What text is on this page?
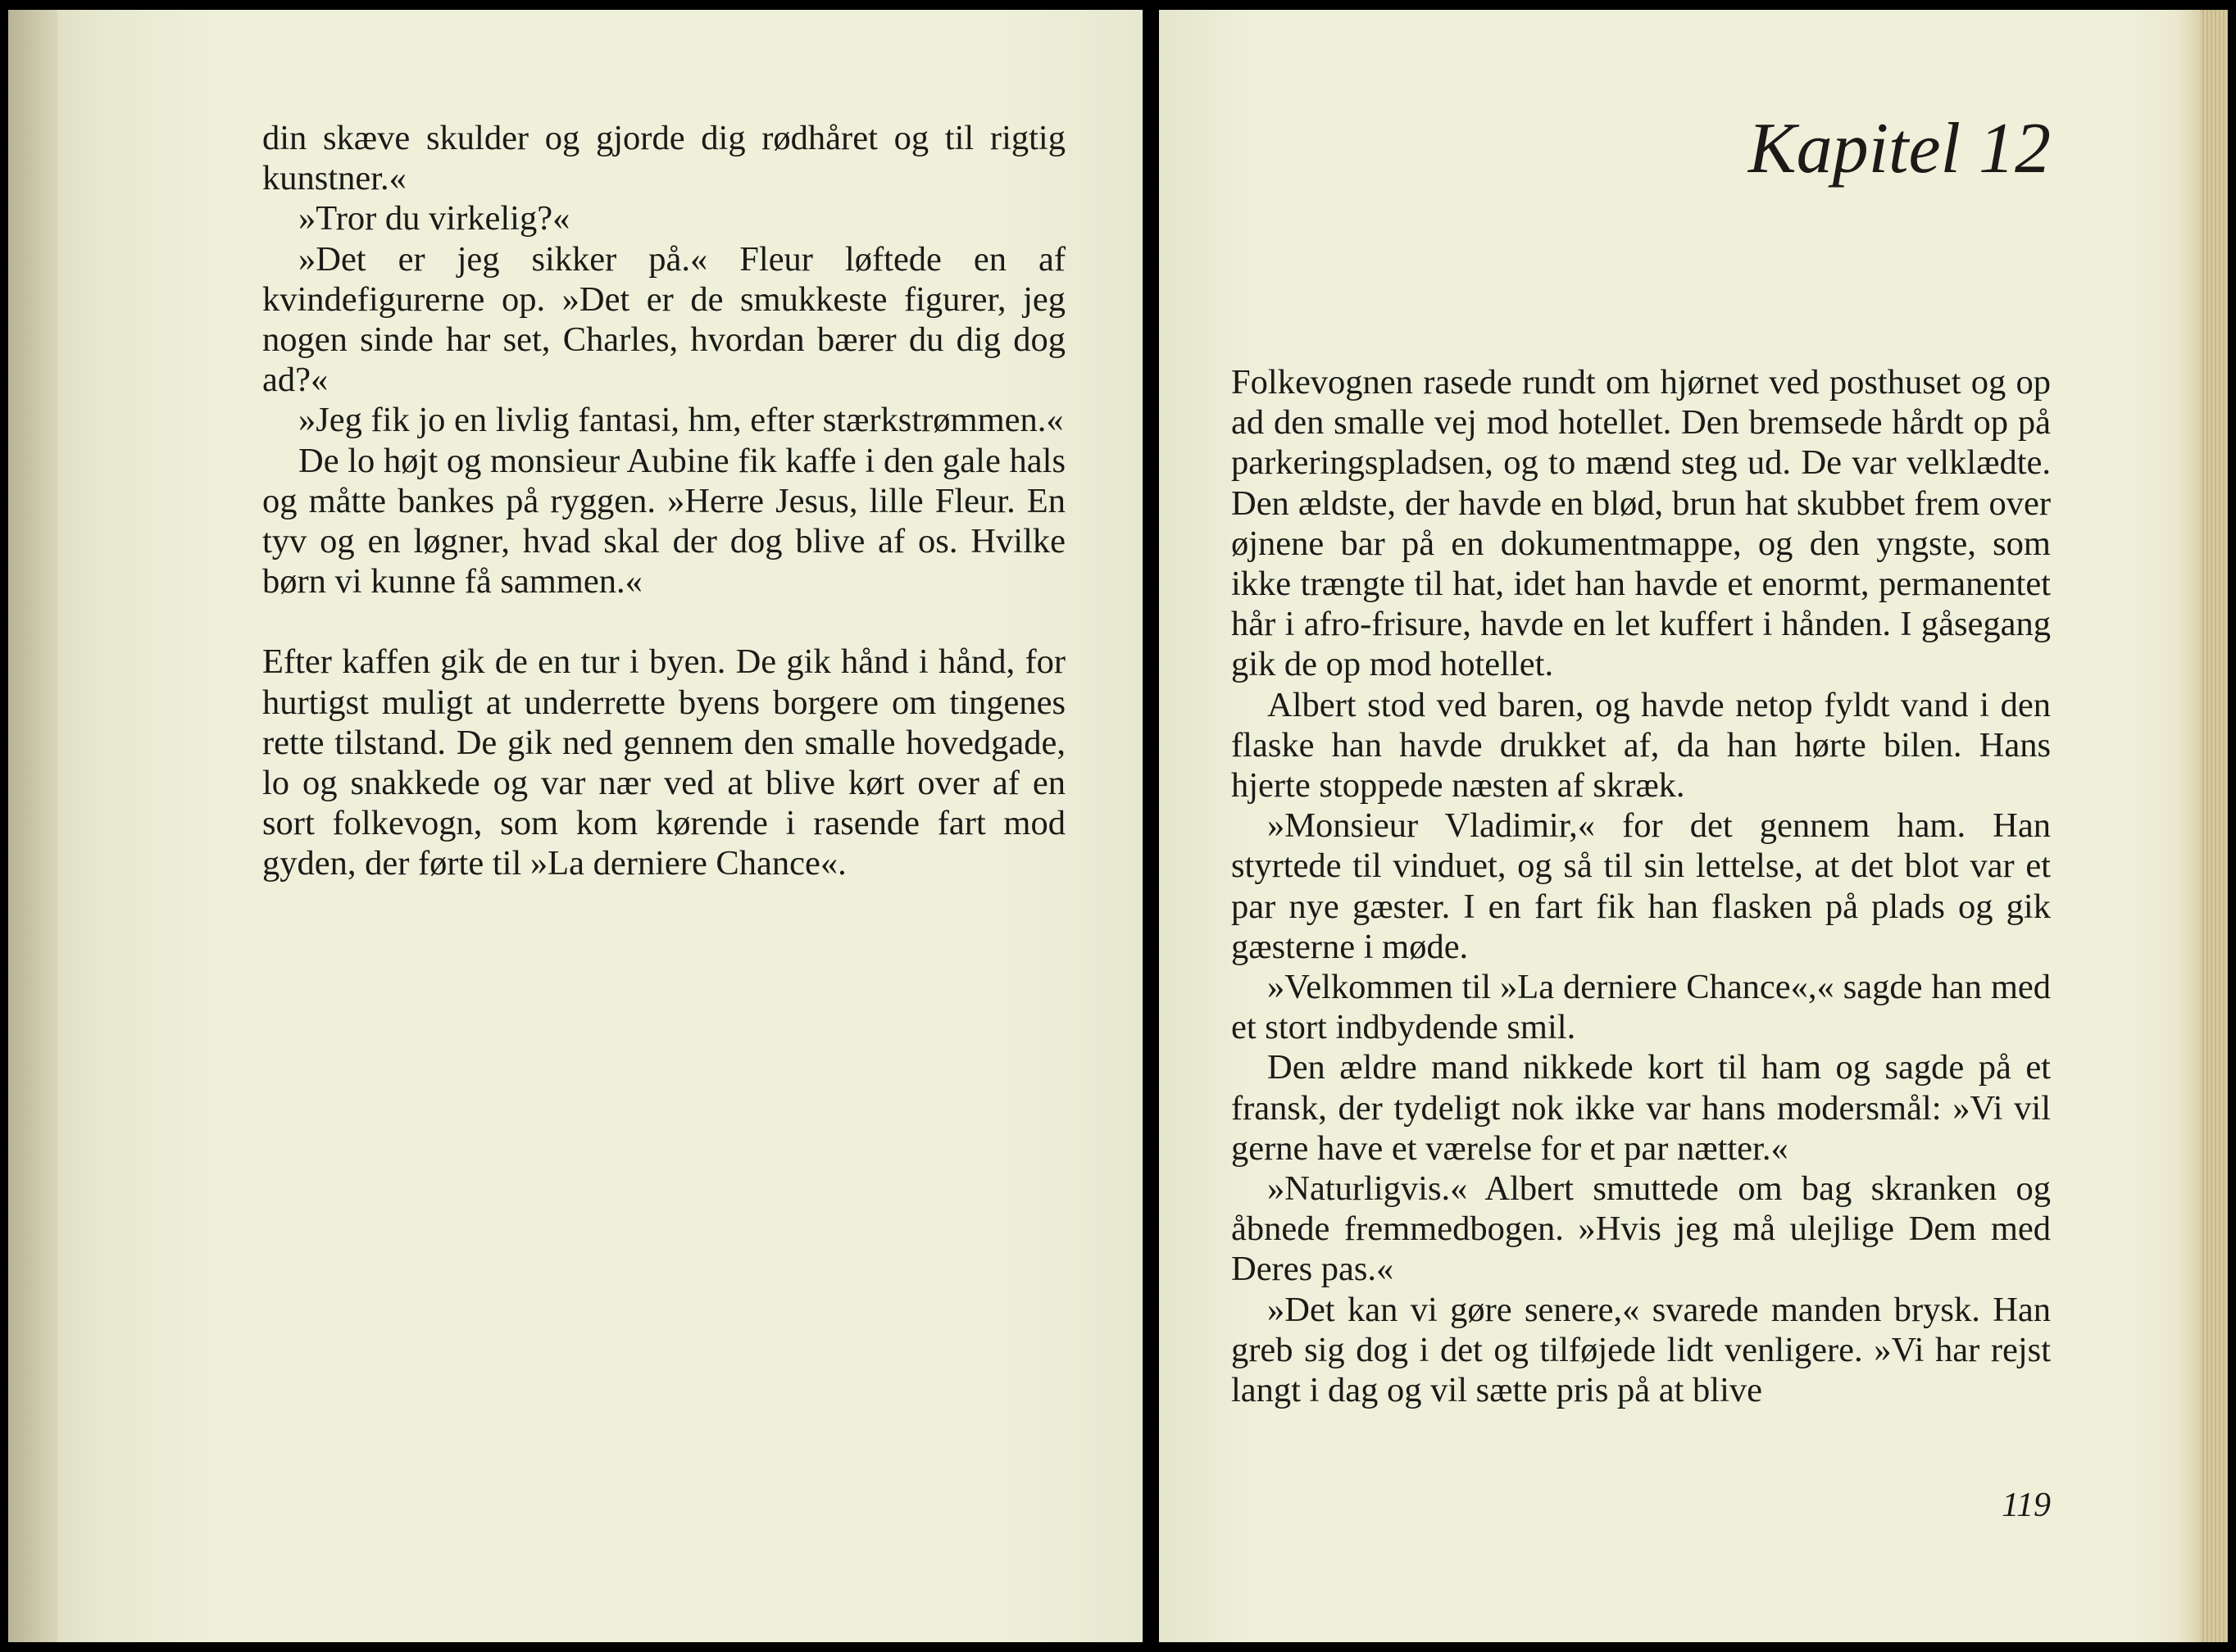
din skæve skulder og gjorde dig rødhåret og til rigtig kunstner.«

»Tror du virkelig?«

»Det er jeg sikker på.« Fleur løftede en af kvindefigurerne op. »Det er de smukkeste figurer, jeg nogen sinde har set, Charles, hvordan bærer du dig dog ad?«

»Jeg fik jo en livlig fantasi, hm, efter stærkstrømmen.«

De lo højt og monsieur Aubine fik kaffe i den gale hals og måtte bankes på ryggen. »Herre Jesus, lille Fleur. En tyv og en løgner, hvad skal der dog blive af os. Hvilke børn vi kunne få sammen.«

Efter kaffen gik de en tur i byen. De gik hånd i hånd, for hurtigst muligt at underrette byens borgere om tingenes rette tilstand. De gik ned gennem den smalle hovedgade, lo og snakkede og var nær ved at blive kørt over af en sort folkevogn, som kom kørende i rasende fart mod gyden, der førte til »La derniere Chance«.

Kapitel 12

Folkevognen rasede rundt om hjørnet ved posthuset og op ad den smalle vej mod hotellet. Den bremsede hårdt op på parkeringspladsen, og to mænd steg ud. De var velklædte. Den ældste, der havde en blød, brun hat skubbet frem over øjnene bar på en dokumentmappe, og den yngste, som ikke trængte til hat, idet han havde et enormt, permanentet hår i afro-frisure, havde en let kuffert i hånden. I gåsegang gik de op mod hotellet.

Albert stod ved baren, og havde netop fyldt vand i den flaske han havde drukket af, da han hørte bilen. Hans hjerte stoppede næsten af skræk.

»Monsieur Vladimir,« for det gennem ham. Han styrtede til vinduet, og så til sin lettelse, at det blot var et par nye gæster. I en fart fik han flasken på plads og gik gæsterne i møde.

»Velkommen til »La derniere Chance«,« sagde han med et stort indbydende smil.

Den ældre mand nikkede kort til ham og sagde på et fransk, der tydeligt nok ikke var hans modersmål: »Vi vil gerne have et værelse for et par nætter.«

»Naturligvis.« Albert smuttede om bag skranken og åbnede fremmedbogen. »Hvis jeg må ulejlige Dem med Deres pas.«

»Det kan vi gøre senere,« svarede manden brysk. Han greb sig dog i det og tilføjede lidt venligere. »Vi har rejst langt i dag og vil sætte pris på at blive

119
